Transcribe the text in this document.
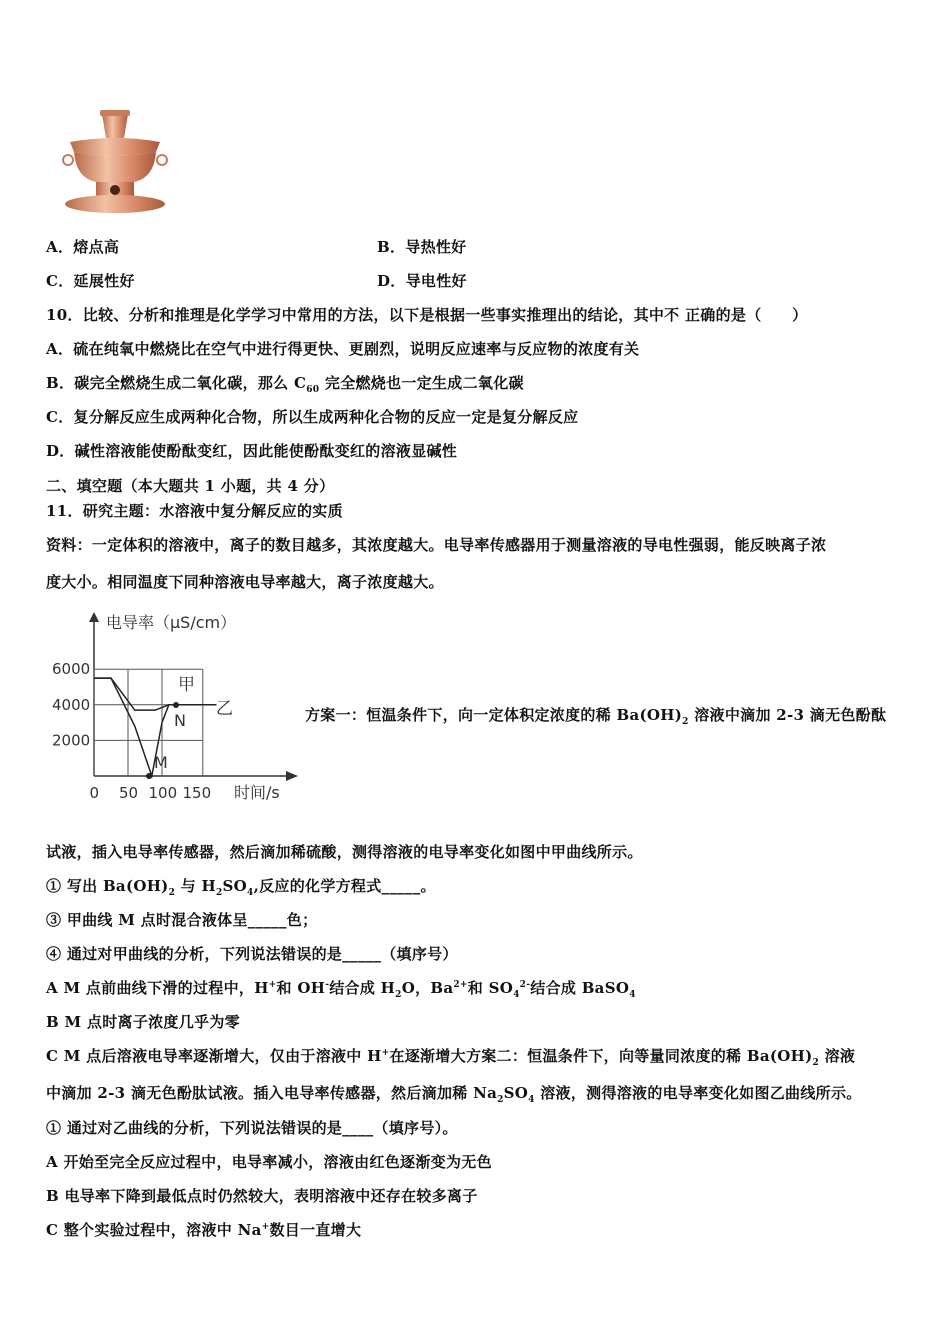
A．熔点高	B．导热性好
C．延展性好	D．导电性好
10．比较、分析和推理是化学学习中常用的方法，以下是根据一些事实推理出的结论，其中不 正确的是（　　）
A．硫在纯氧中燃烧比在空气中进行得更快、更剧烈，说明反应速率与反应物的浓度有关
B．碳完全燃烧生成二氧化碳，那么 $C_{60}$ 完全燃烧也一定生成二氧化碳
C．复分解反应生成两种化合物，所以生成两种化合物的反应一定是复分解反应
D．碱性溶液能使酚酞变红，因此能使酚酞变红的溶液显碱性
二、填空题（本大题共 1 小题，共 4 分）
11．研究主题：水溶液中复分解反应的实质
资料：一定体积的溶液中，离子的数目越多，其浓度越大。电导率传感器用于测量溶液的导电性强弱，能反映离子浓
度大小。相同温度下同种溶液电导率越大，离子浓度越大。
电导率（μS/cm）
2000
4000
6000
0 50 100 150 时间/s
甲
乙
N
M
方案一：恒温条件下，向一定体积定浓度的稀 $Ba(OH)_2$ 溶液中滴加 2-3 滴无色酚酞
试液，插入电导率传感器，然后滴加稀硫酸，测得溶液的电导率变化如图中甲曲线所示。
① 写出 $Ba(OH)_2$ 与 $H_2SO_4$,反应的化学方程式_____。
③ 甲曲线 M 点时混合液体呈_____色；
④ 通过对甲曲线的分析，下列说法错误的是_____（填序号）
A M 点前曲线下滑的过程中，H+和 OH-结合成 $H_2O$，$Ba^{2+}$和 $SO_4^{2-}$结合成 BaSO$_4$
B M 点时离子浓度几乎为零
C M 点后溶液电导率逐渐增大，仅由于溶液中 H+在逐渐增大方案二：恒温条件下，向等量同浓度的稀 $Ba(OH)_2$ 溶液
中滴加 2-3 滴无色酚肽试液。插入电导率传感器，然后滴加稀 $Na_2SO_4$ 溶液，测得溶液的电导率变化如图乙曲线所示。
① 通过对乙曲线的分析，下列说法错误的是____（填序号）。
A 开始至完全反应过程中，电导率减小，溶液由红色逐渐变为无色
B 电导率下降到最低点时仍然较大，表明溶液中还存在较多离子
C 整个实验过程中，溶液中 Na+数目一直增大
